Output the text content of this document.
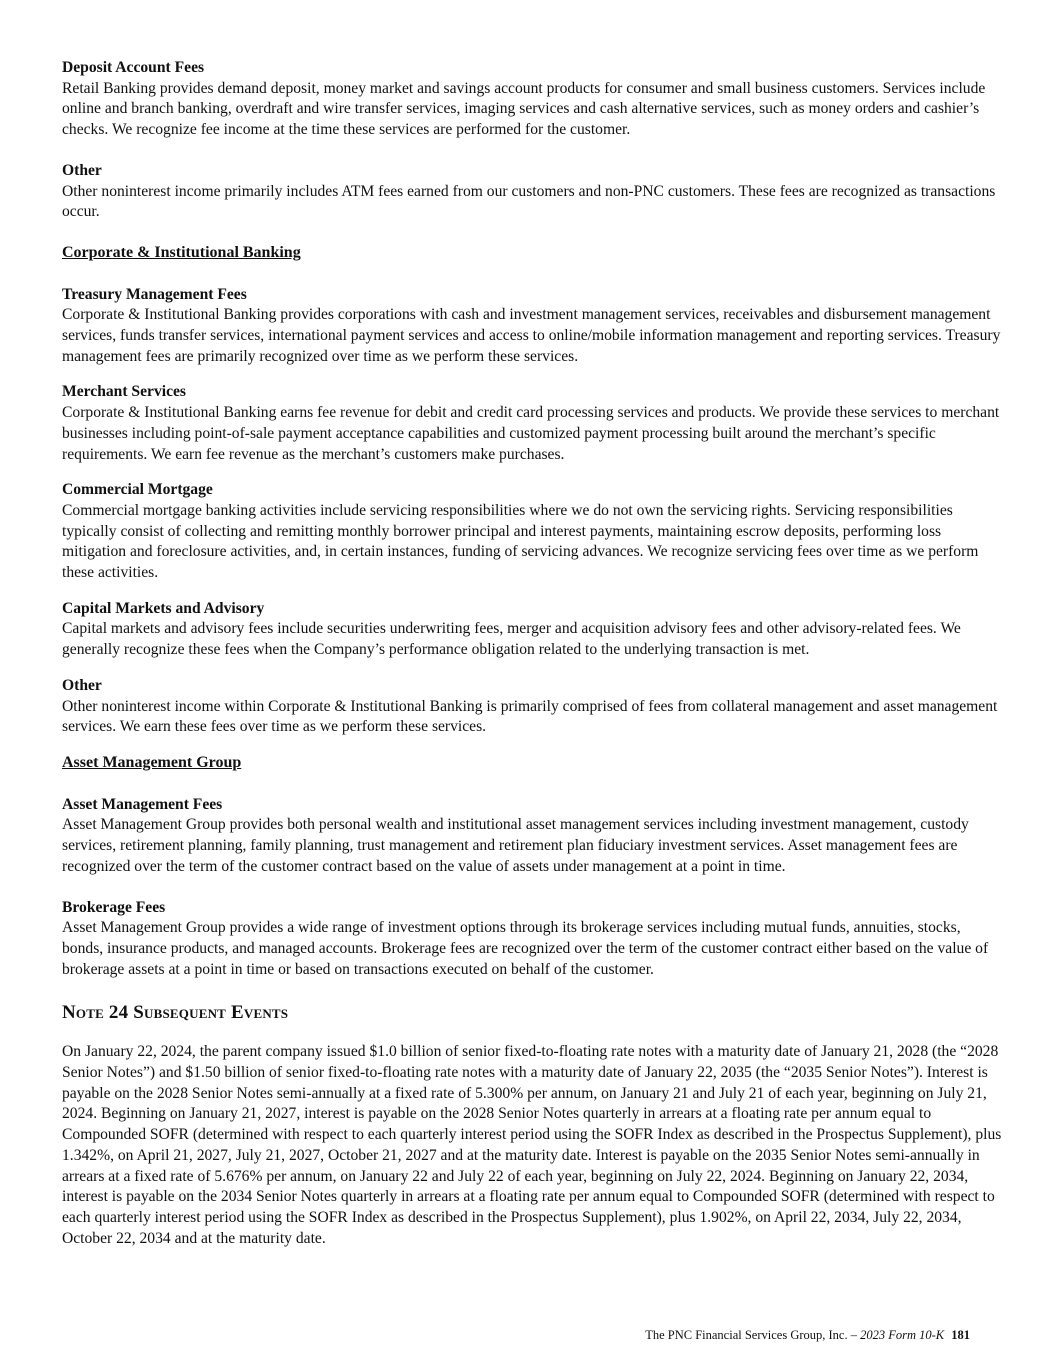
Deposit Account Fees

Retail Banking provides demand deposit, money market and savings account products for consumer and small business customers. Services include online and branch banking, overdraft and wire transfer services, imaging services and cash alternative services, such as money orders and cashier’s checks. We recognize fee income at the time these services are performed for the customer.

Other

Other noninterest income primarily includes ATM fees earned from our customers and non-PNC customers. These fees are recognized as transactions occur.

Corporate & Institutional Banking

Treasury Management Fees

Corporate & Institutional Banking provides corporations with cash and investment management services, receivables and disbursement management services, funds transfer services, international payment services and access to online/mobile information management and reporting services. Treasury management fees are primarily recognized over time as we perform these services.

Merchant Services

Corporate & Institutional Banking earns fee revenue for debit and credit card processing services and products. We provide these services to merchant businesses including point-of-sale payment acceptance capabilities and customized payment processing built around the merchant’s specific requirements. We earn fee revenue as the merchant’s customers make purchases.

Commercial Mortgage

Commercial mortgage banking activities include servicing responsibilities where we do not own the servicing rights. Servicing responsibilities typically consist of collecting and remitting monthly borrower principal and interest payments, maintaining escrow deposits, performing loss mitigation and foreclosure activities, and, in certain instances, funding of servicing advances. We recognize servicing fees over time as we perform these activities.

Capital Markets and Advisory

Capital markets and advisory fees include securities underwriting fees, merger and acquisition advisory fees and other advisory-related fees. We generally recognize these fees when the Company’s performance obligation related to the underlying transaction is met.

Other

Other noninterest income within Corporate & Institutional Banking is primarily comprised of fees from collateral management and asset management services. We earn these fees over time as we perform these services.

Asset Management Group

Asset Management Fees

Asset Management Group provides both personal wealth and institutional asset management services including investment management, custody services, retirement planning, family planning, trust management and retirement plan fiduciary investment services. Asset management fees are recognized over the term of the customer contract based on the value of assets under management at a point in time.

Brokerage Fees

Asset Management Group provides a wide range of investment options through its brokerage services including mutual funds, annuities, stocks, bonds, insurance products, and managed accounts. Brokerage fees are recognized over the term of the customer contract either based on the value of brokerage assets at a point in time or based on transactions executed on behalf of the customer.

Note 24 Subsequent Events

On January 22, 2024, the parent company issued $1.0 billion of senior fixed-to-floating rate notes with a maturity date of January 21, 2028 (the “2028 Senior Notes”) and $1.50 billion of senior fixed-to-floating rate notes with a maturity date of January 22, 2035 (the “2035 Senior Notes”). Interest is payable on the 2028 Senior Notes semi-annually at a fixed rate of 5.300% per annum, on January 21 and July 21 of each year, beginning on July 21, 2024. Beginning on January 21, 2027, interest is payable on the 2028 Senior Notes quarterly in arrears at a floating rate per annum equal to Compounded SOFR (determined with respect to each quarterly interest period using the SOFR Index as described in the Prospectus Supplement), plus 1.342%, on April 21, 2027, July 21, 2027, October 21, 2027 and at the maturity date. Interest is payable on the 2035 Senior Notes semi-annually in arrears at a fixed rate of 5.676% per annum, on January 22 and July 22 of each year, beginning on July 22, 2024. Beginning on January 22, 2034, interest is payable on the 2034 Senior Notes quarterly in arrears at a floating rate per annum equal to Compounded SOFR (determined with respect to each quarterly interest period using the SOFR Index as described in the Prospectus Supplement), plus 1.902%, on April 22, 2034, July 22, 2034, October 22, 2034 and at the maturity date.

The PNC Financial Services Group, Inc. – 2023 Form 10-K 181
